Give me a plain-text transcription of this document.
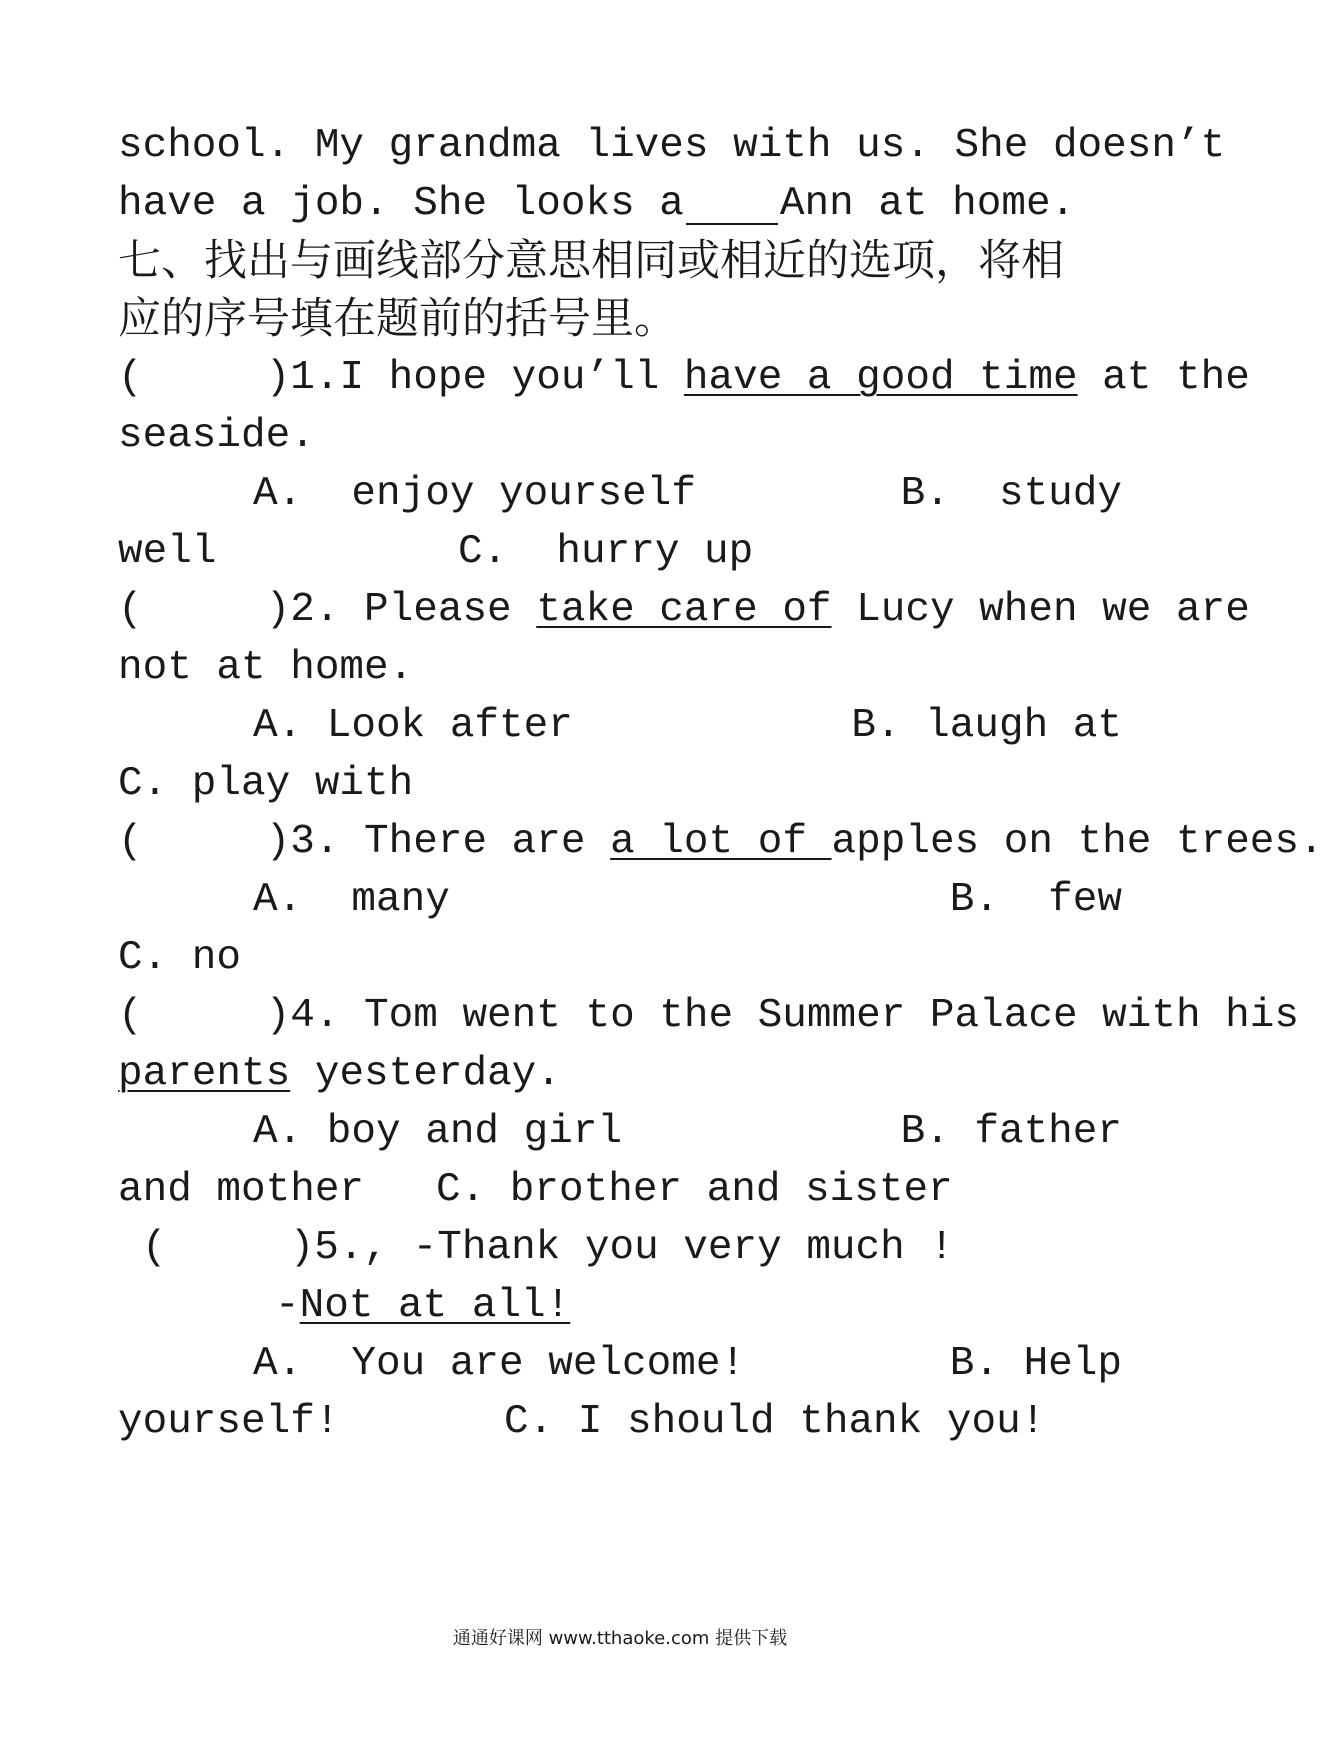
school. My grandma lives with us. She doesn’t
have a job. She looks a Ann at home.
七、找出与画线部分意思相同或相近的选项，将相
应的序号填在题前的括号里。
(     )1. I hope you’ll have a good time at the
seaside.
A.  enjoy yourself	B.  study
well	C.  hurry up
(     )2. Please take care of Lucy when we are
not at home.
A. Look after	B. laugh at
C. play with
(     )3. There are a lot of apples on the trees.
A.  many	B.  few
C. no
(     )4. Tom went to the Summer Palace with his
parents yesterday.
A. boy and girl	B. father
and mother C. brother and sister
(     )5., -Thank you very much !
- Not at all!
A.  You are welcome!	B. Help
yourself!	C. I should thank you!
通通好课网 www.tthaoke.com 提供下载
